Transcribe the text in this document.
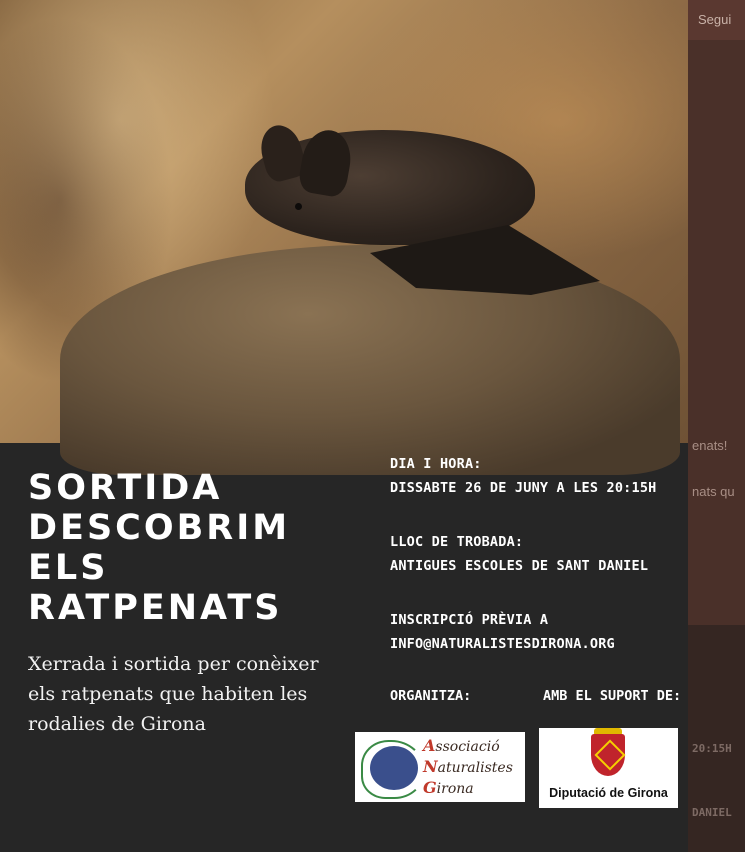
Segui
enats!
nats qu
20:15H
DANIEL
SORTIDA
DESCOBRIM
ELS
RATPENATS
Xerrada i sortida per conèixer els ratpenats que habiten les rodalies de Girona
DIA I HORA:
DISSABTE 26 DE JUNY A LES 20:15H
LLOC DE TROBADA:
ANTIGUES ESCOLES DE SANT DANIEL
INSCRIPCIÓ PRÈVIA A
INFO@NATURALISTESDIRONA.ORG
ORGANITZA:	AMB EL SUPORT DE:
Associació
Naturalistes
Girona	Diputació de Girona
